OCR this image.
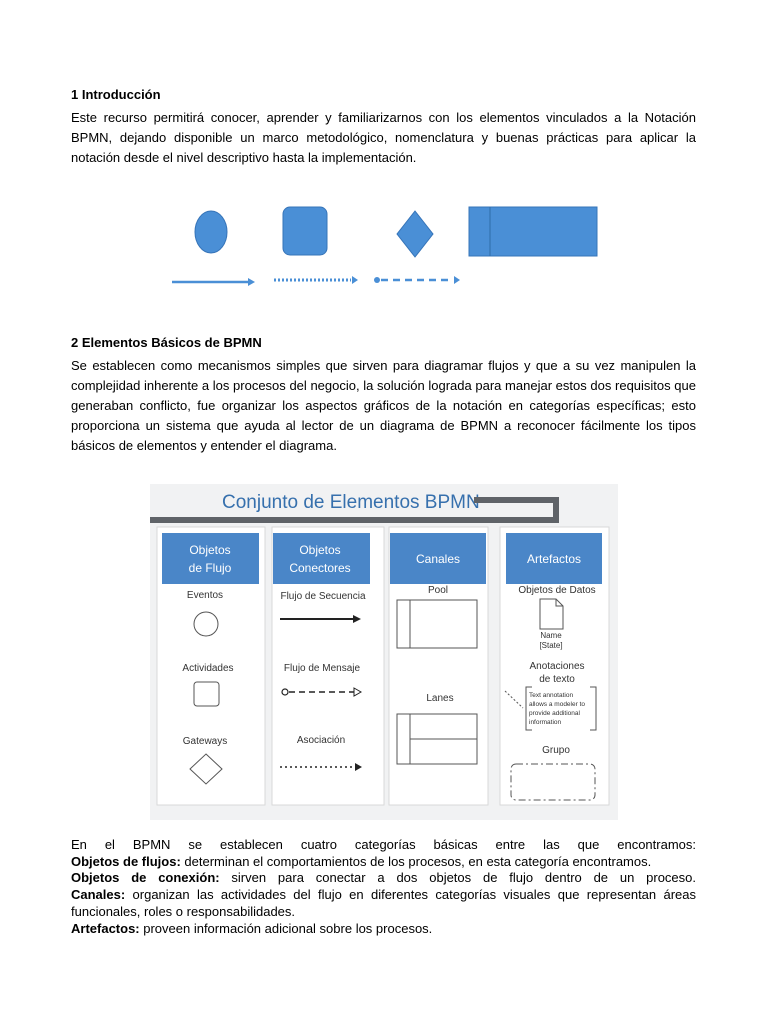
1 Introducción
Este recurso permitirá conocer, aprender y familiarizarnos con los elementos vinculados a la Notación BPMN, dejando disponible un marco metodológico, nomenclatura y buenas prácticas para aplicar la notación desde el nivel descriptivo hasta la implementación.
2 Elementos Básicos de BPMN
Se establecen como mecanismos simples que sirven para diagramar flujos y que a su vez manipulen la complejidad inherente a los procesos del negocio, la solución lograda para manejar estos dos requisitos que generaban conflicto, fue organizar los aspectos gráficos de la notación en categorías específicas; esto proporciona un sistema que ayuda al lector de un diagrama de BPMN a reconocer fácilmente los tipos básicos de elementos y entender el diagrama.
Conjunto de Elementos BPMN
Objetos
de Flujo
Eventos
Actividades
Gateways
Objetos
Conectores
Flujo de Secuencia
Flujo de Mensaje
Asociación
Canales
Pool
Lanes
Artefactos
Objetos de Datos
Name
[State]
Anotaciones
de texto
Text annotation
allows a modeler to
provide additional
information
Grupo
En el BPMN se establecen cuatro categorías básicas entre las que encontramos:
Objetos de flujos: determinan el comportamientos de los procesos, en esta categoría encontramos.
Objetos de conexión: sirven para conectar a dos objetos de flujo dentro de un proceso.
Canales: organizan las actividades del flujo en diferentes categorías visuales que representan áreas funcionales, roles o responsabilidades.
Artefactos: proveen información adicional sobre los procesos.
